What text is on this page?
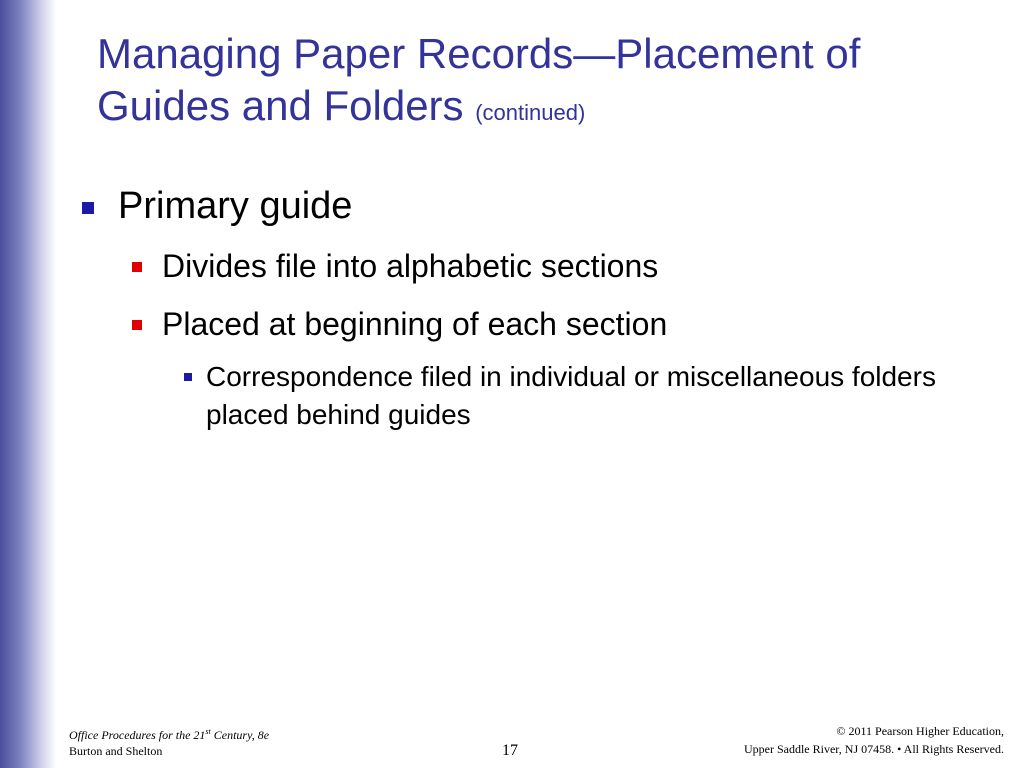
Managing Paper Records—Placement of Guides and Folders (continued)
Primary guide
Divides file into alphabetic sections
Placed at beginning of each section
Correspondence filed in individual or miscellaneous folders placed behind guides
Office Procedures for the 21st Century, 8e
Burton and Shelton	17
© 2011 Pearson Higher Education,
Upper Saddle River, NJ 07458. • All Rights Reserved.
